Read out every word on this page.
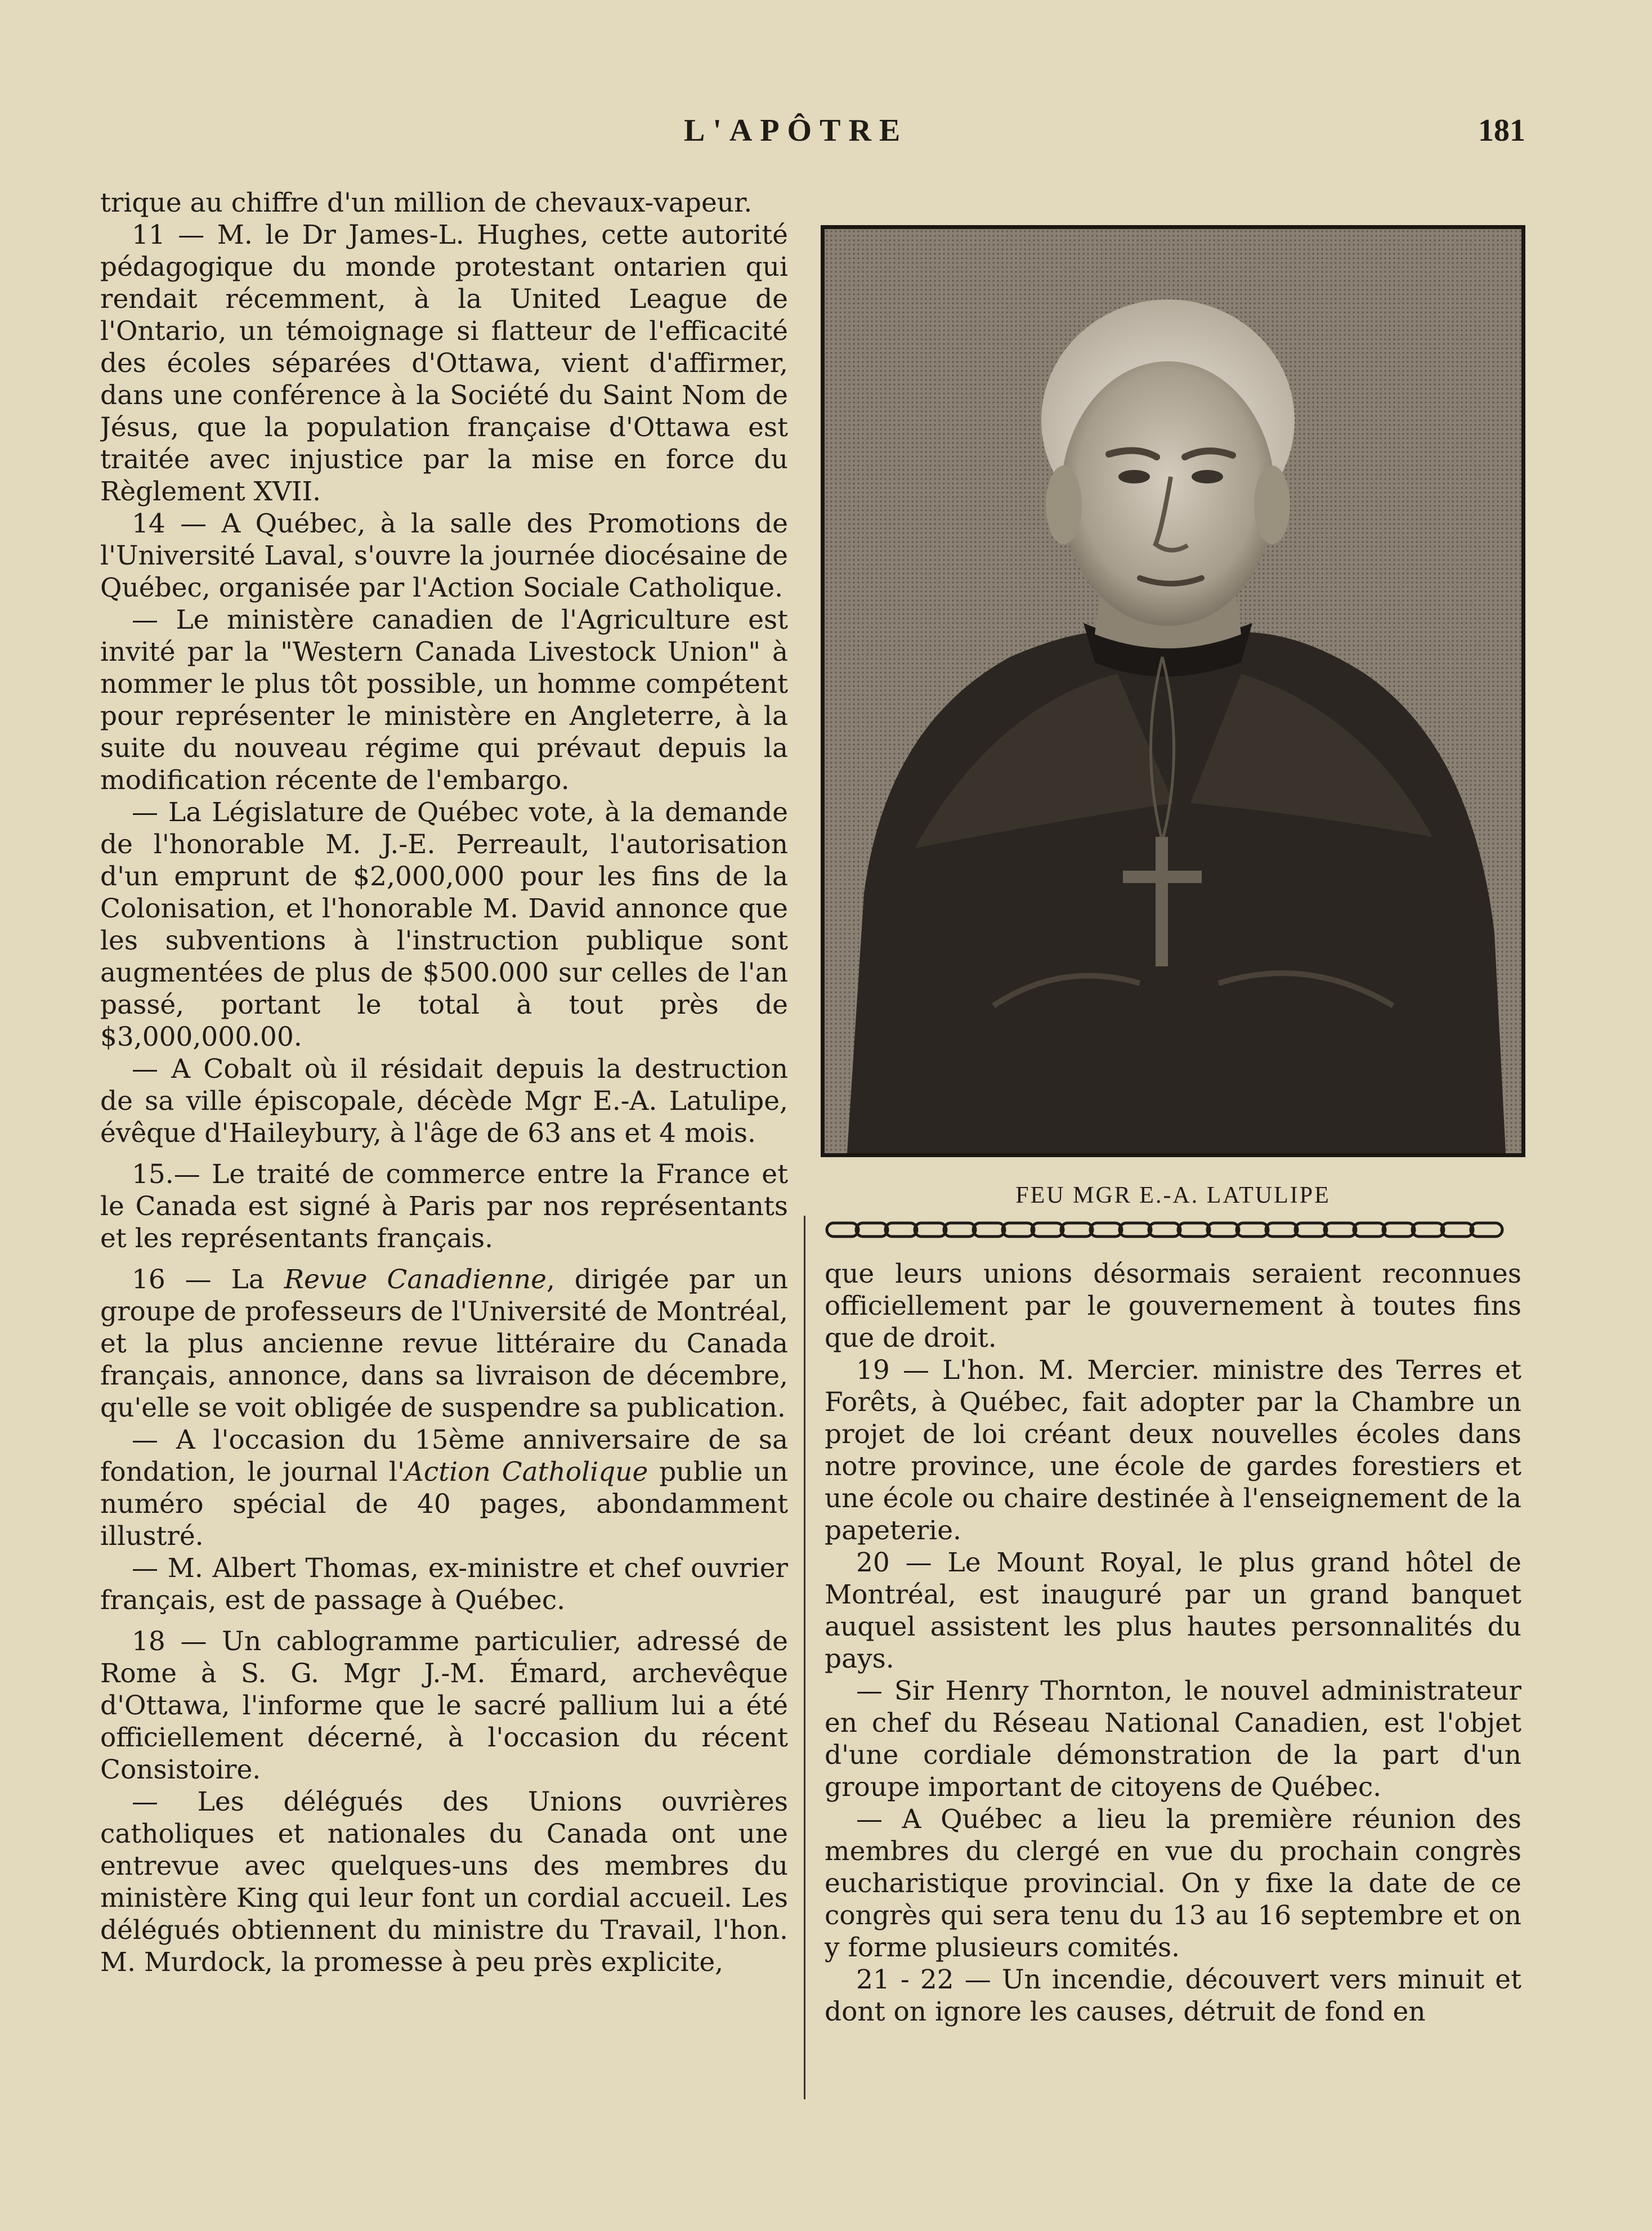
L'APÔTRE	181

trique au chiffre d'un million de chevaux-vapeur.

11 — M. le Dr James-L. Hughes, cette autorité pédagogique du monde protestant ontarien qui rendait récemment, à la United League de l'Ontario, un témoignage si flatteur de l'efficacité des écoles séparées d'Ottawa, vient d'affirmer, dans une conférence à la Société du Saint Nom de Jésus, que la population française d'Ottawa est traitée avec injustice par la mise en force du Règlement XVII.

14 — A Québec, à la salle des Promotions de l'Université Laval, s'ouvre la journée diocésaine de Québec, organisée par l'Action Sociale Catholique.

— Le ministère canadien de l'Agriculture est invité par la "Western Canada Livestock Union" à nommer le plus tôt possible, un homme compétent pour représenter le ministère en Angleterre, à la suite du nouveau régime qui prévaut depuis la modification récente de l'embargo.

— La Législature de Québec vote, à la demande de l'honorable M. J.-E. Perreault, l'autorisation d'un emprunt de $2,000,000 pour les fins de la Colonisation, et l'honorable M. David annonce que les subventions à l'instruction publique sont augmentées de plus de $500.000 sur celles de l'an passé, portant le total à tout près de $3,000,000.00.

— A Cobalt où il résidait depuis la destruction de sa ville épiscopale, décède Mgr E.-A. Latulipe, évêque d'Haileybury, à l'âge de 63 ans et 4 mois.

15.— Le traité de commerce entre la France et le Canada est signé à Paris par nos représentants et les représentants français.

16 — La Revue Canadienne, dirigée par un groupe de professeurs de l'Université de Montréal, et la plus ancienne revue littéraire du Canada français, annonce, dans sa livraison de décembre, qu'elle se voit obligée de suspendre sa publication.

— A l'occasion du 15ème anniversaire de sa fondation, le journal l'Action Catholique publie un numéro spécial de 40 pages, abondamment illustré.

— M. Albert Thomas, ex-ministre et chef ouvrier français, est de passage à Québec.

18 — Un cablogramme particulier, adressé de Rome à S. G. Mgr J.-M. Émard, archevêque d'Ottawa, l'informe que le sacré pallium lui a été officiellement décerné, à l'occasion du récent Consistoire.

— Les délégués des Unions ouvrières catholiques et nationales du Canada ont une entrevue avec quelques-uns des membres du ministère King qui leur font un cordial accueil. Les délégués obtiennent du ministre du Travail, l'hon. M. Murdock, la promesse à peu près explicite,

FEU MGR E.-A. LATULIPE

que leurs unions désormais seraient reconnues officiellement par le gouvernement à toutes fins que de droit.

19 — L'hon. M. Mercier. ministre des Terres et Forêts, à Québec, fait adopter par la Chambre un projet de loi créant deux nouvelles écoles dans notre province, une école de gardes forestiers et une école ou chaire destinée à l'enseignement de la papeterie.

20 — Le Mount Royal, le plus grand hôtel de Montréal, est inauguré par un grand banquet auquel assistent les plus hautes personnalités du pays.

— Sir Henry Thornton, le nouvel administrateur en chef du Réseau National Canadien, est l'objet d'une cordiale démonstration de la part d'un groupe important de citoyens de Québec.

— A Québec a lieu la première réunion des membres du clergé en vue du prochain congrès eucharistique provincial. On y fixe la date de ce congrès qui sera tenu du 13 au 16 septembre et on y forme plusieurs comités.

21 - 22 — Un incendie, découvert vers minuit et dont on ignore les causes, détruit de fond en
